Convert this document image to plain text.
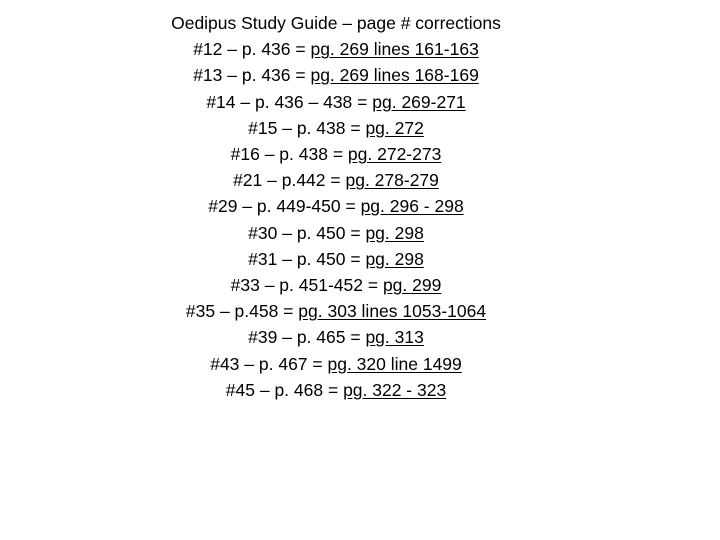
Oedipus Study Guide – page # corrections
#12 – p. 436 = pg. 269 lines 161-163
#13 – p. 436 = pg. 269 lines 168-169
#14 – p. 436 – 438 = pg. 269-271
#15 – p. 438 = pg. 272
#16 – p. 438 = pg. 272-273
#21 – p.442 = pg. 278-279
#29 – p. 449-450 = pg. 296 - 298
#30 – p. 450 = pg. 298
#31 – p. 450 = pg. 298
#33 – p. 451-452 = pg. 299
#35 – p.458 = pg. 303 lines 1053-1064
#39 – p. 465 = pg. 313
#43 – p. 467 = pg. 320 line 1499
#45 – p. 468 = pg. 322 - 323
